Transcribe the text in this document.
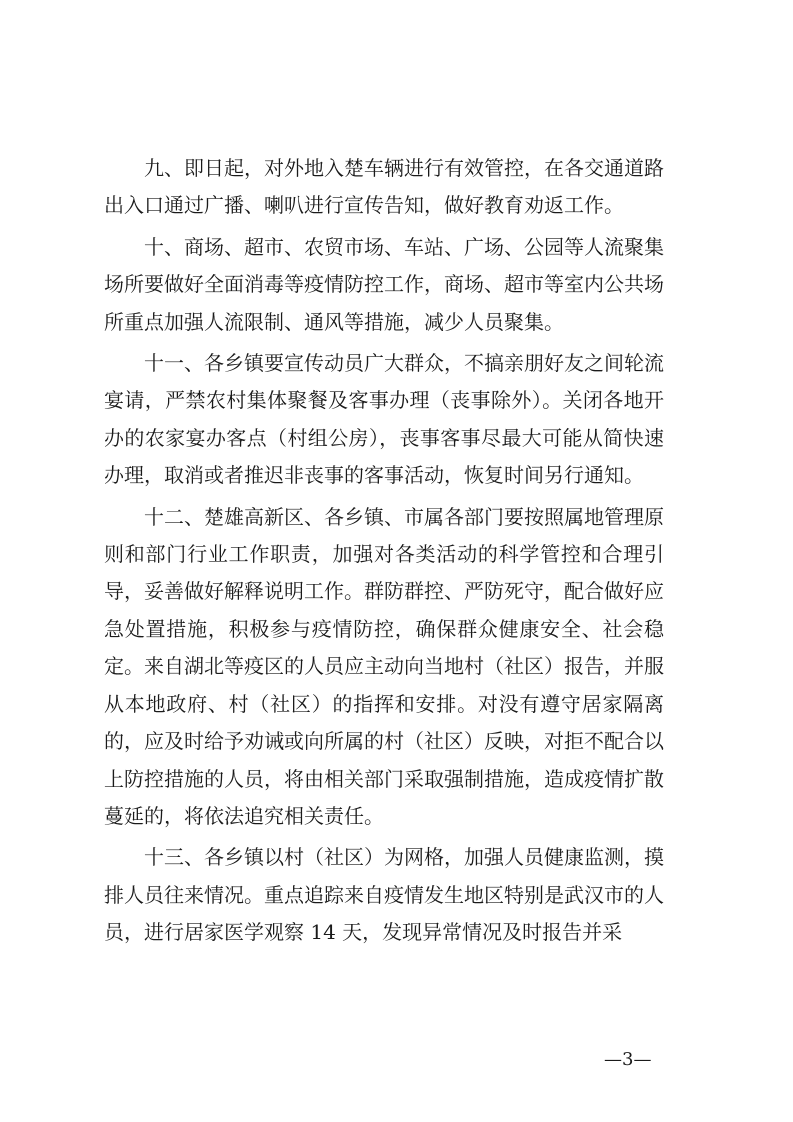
九、即日起，对外地入楚车辆进行有效管控，在各交通道路出入口通过广播、喇叭进行宣传告知，做好教育劝返工作。

十、商场、超市、农贸市场、车站、广场、公园等人流聚集场所要做好全面消毒等疫情防控工作，商场、超市等室内公共场所重点加强人流限制、通风等措施，减少人员聚集。

十一、各乡镇要宣传动员广大群众，不搞亲朋好友之间轮流宴请，严禁农村集体聚餐及客事办理（丧事除外）。关闭各地开办的农家宴办客点（村组公房），丧事客事尽最大可能从简快速办理，取消或者推迟非丧事的客事活动，恢复时间另行通知。

十二、楚雄高新区、各乡镇、市属各部门要按照属地管理原则和部门行业工作职责，加强对各类活动的科学管控和合理引导，妥善做好解释说明工作。群防群控、严防死守，配合做好应急处置措施，积极参与疫情防控，确保群众健康安全、社会稳定。来自湖北等疫区的人员应主动向当地村（社区）报告，并服从本地政府、村（社区）的指挥和安排。对没有遵守居家隔离的，应及时给予劝诫或向所属的村（社区）反映，对拒不配合以上防控措施的人员，将由相关部门采取强制措施，造成疫情扩散蔓延的，将依法追究相关责任。

十三、各乡镇以村（社区）为网格，加强人员健康监测，摸排人员往来情况。重点追踪来自疫情发生地区特别是武汉市的人员，进行居家医学观察 14 天，发现异常情况及时报告并采

—3—
